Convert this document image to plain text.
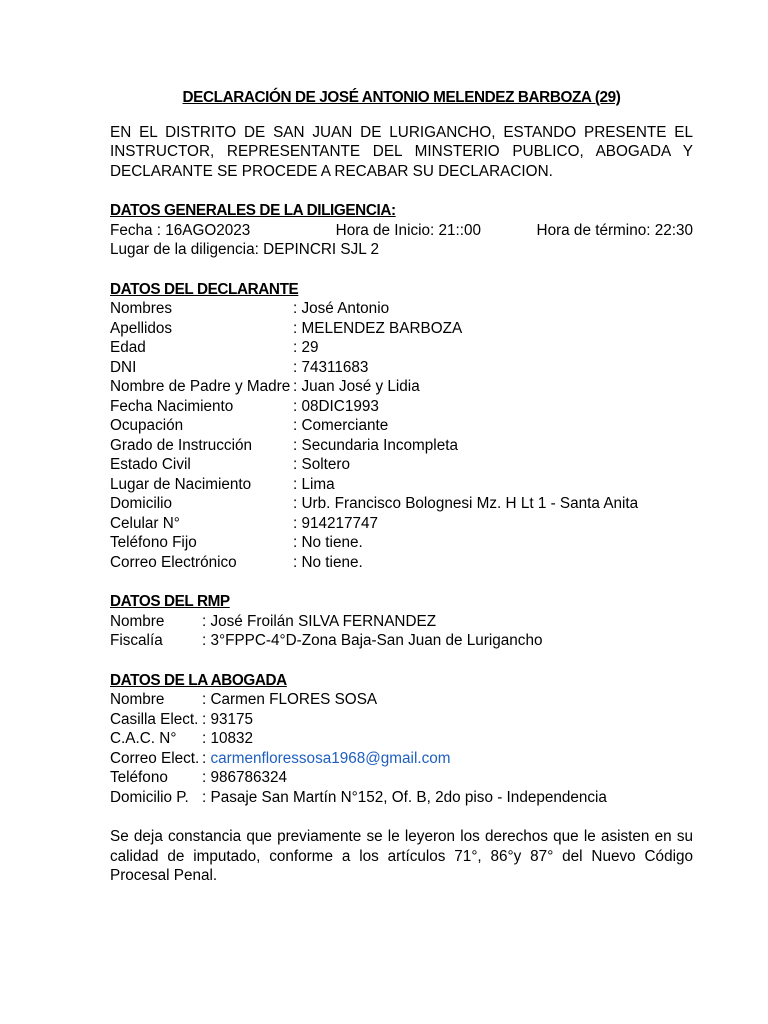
DECLARACIÓN DE JOSÉ ANTONIO MELENDEZ BARBOZA (29)

EN EL DISTRITO DE SAN JUAN DE LURIGANCHO, ESTANDO PRESENTE EL INSTRUCTOR, REPRESENTANTE DEL MINSTERIO PUBLICO, ABOGADA Y DECLARANTE SE PROCEDE A RECABAR SU DECLARACION.
DATOS GENERALES DE LA DILIGENCIA:
Fecha : 16AGO2023	Hora de Inicio: 21::00	Hora de término: 22:30
Lugar de la diligencia: DEPINCRI SJL 2
DATOS DEL DECLARANTE
Nombres	: José Antonio
Apellidos	: MELENDEZ BARBOZA
Edad	: 29
DNI	: 74311683
Nombre de Padre y Madre : Juan José y Lidia
Fecha Nacimiento	: 08DIC1993
Ocupación	: Comerciante
Grado de Instrucción	: Secundaria Incompleta
Estado Civil	: Soltero
Lugar de Nacimiento	: Lima
Domicilio	: Urb. Francisco Bolognesi Mz. H Lt 1 - Santa Anita
Celular N°	: 914217747
Teléfono Fijo	: No tiene.
Correo Electrónico	: No tiene.
DATOS DEL RMP
Nombre	: José Froilán SILVA FERNANDEZ
Fiscalía	: 3°FPPC-4°D-Zona Baja-San Juan de Lurigancho
DATOS DE LA ABOGADA
Nombre	: Carmen FLORES SOSA
Casilla Elect. : 93175
C.A.C. N°	: 10832
Correo Elect. : carmenfloressosa1968@gmail.com
Teléfono	: 986786324
Domicilio P. : Pasaje San Martín N°152, Of. B, 2do piso - Independencia
Se deja constancia que previamente se le leyeron los derechos que le asisten en su calidad de imputado, conforme a los artículos 71°, 86°y 87° del Nuevo Código Procesal Penal.
